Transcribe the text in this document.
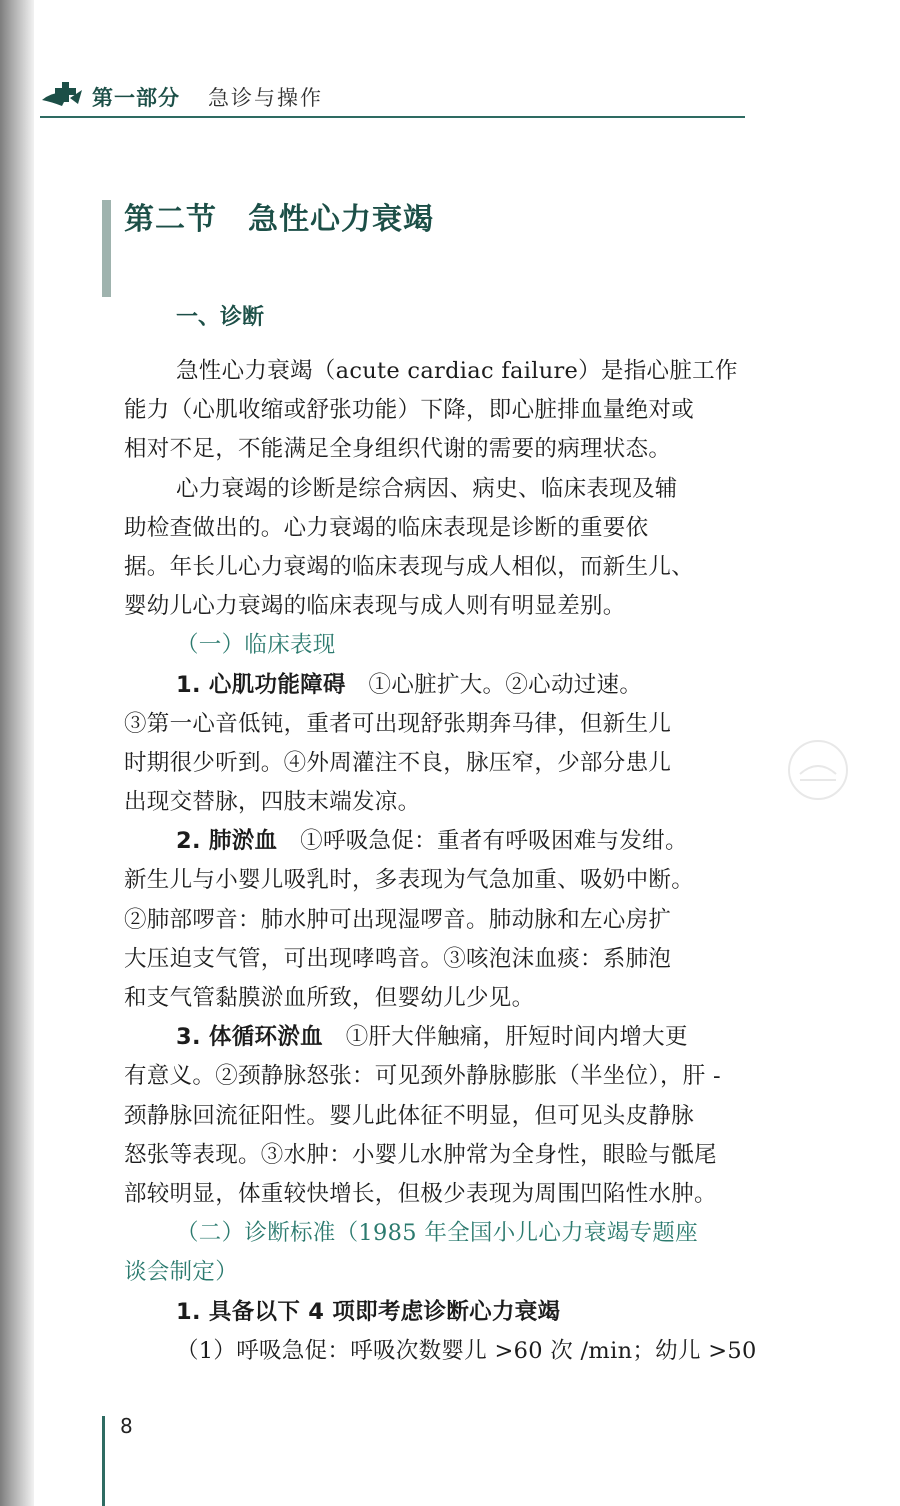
第一部分 急诊与操作
第二节　急性心力衰竭
一、诊断
急性心力衰竭（acute cardiac failure）是指心脏工作
能力（心肌收缩或舒张功能）下降，即心脏排血量绝对或
相对不足，不能满足全身组织代谢的需要的病理状态。
心力衰竭的诊断是综合病因、病史、临床表现及辅
助检查做出的。心力衰竭的临床表现是诊断的重要依
据。年长儿心力衰竭的临床表现与成人相似，而新生儿、
婴幼儿心力衰竭的临床表现与成人则有明显差别。
（一）临床表现
1. 心肌功能障碍　①心脏扩大。②心动过速。
③第一心音低钝，重者可出现舒张期奔马律，但新生儿
时期很少听到。④外周灌注不良，脉压窄，少部分患儿
出现交替脉，四肢末端发凉。
2. 肺淤血　①呼吸急促：重者有呼吸困难与发绀。
新生儿与小婴儿吸乳时，多表现为气急加重、吸奶中断。
②肺部啰音：肺水肿可出现湿啰音。肺动脉和左心房扩
大压迫支气管，可出现哮鸣音。③咳泡沫血痰：系肺泡
和支气管黏膜淤血所致，但婴幼儿少见。
3. 体循环淤血　①肝大伴触痛，肝短时间内增大更
有意义。②颈静脉怒张：可见颈外静脉膨胀（半坐位），肝 -
颈静脉回流征阳性。婴儿此体征不明显，但可见头皮静脉
怒张等表现。③水肿：小婴儿水肿常为全身性，眼睑与骶尾
部较明显，体重较快增长，但极少表现为周围凹陷性水肿。
（二）诊断标准（1985 年全国小儿心力衰竭专题座
谈会制定）
1. 具备以下 4 项即考虑诊断心力衰竭
（1）呼吸急促：呼吸次数婴儿 >60 次 /min；幼儿 >50
8
